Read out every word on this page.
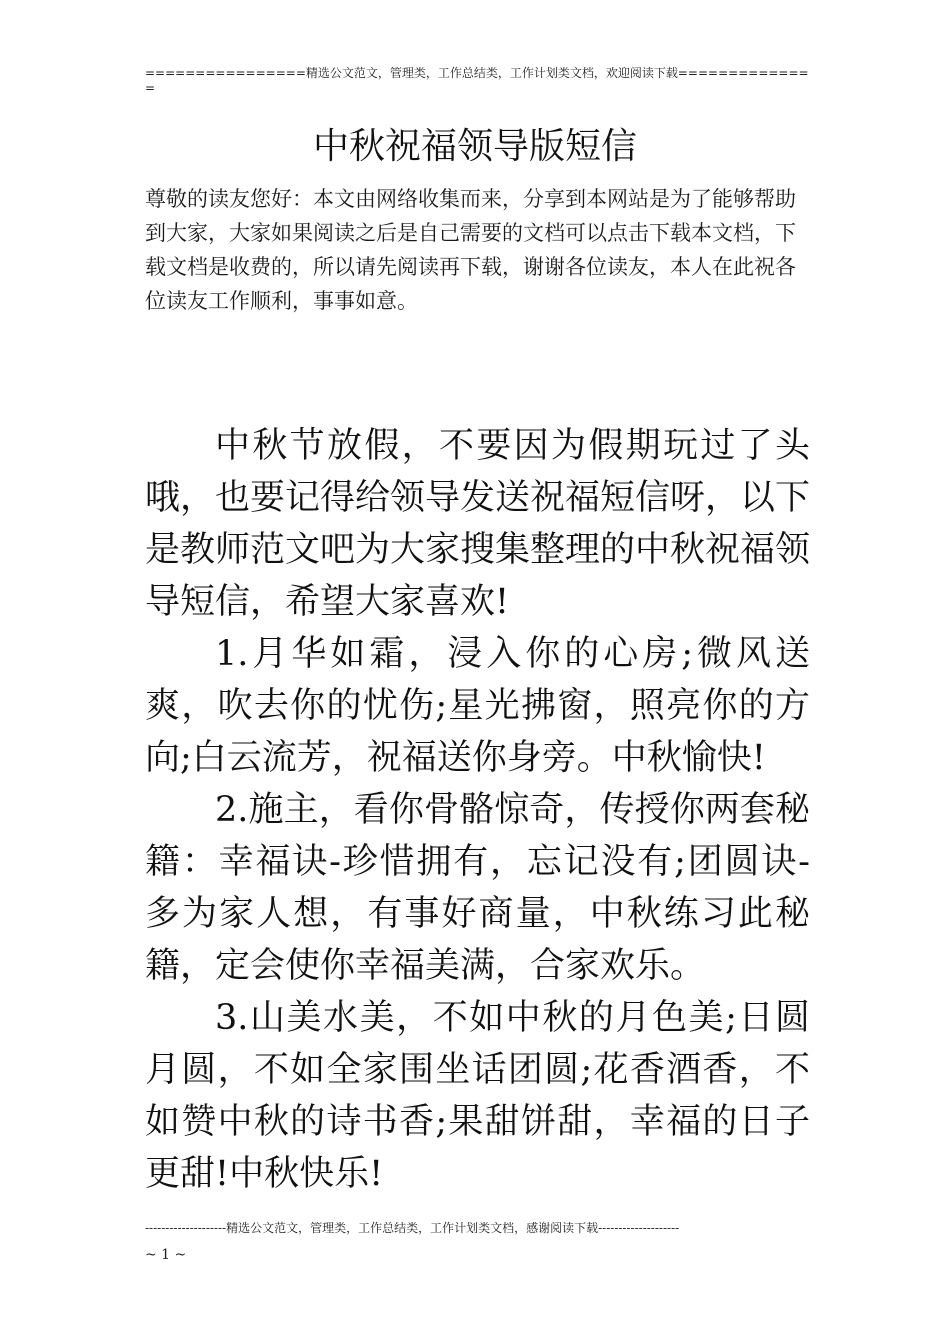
================精选公文范文，管理类，工作总结类，工作计划类文档，欢迎阅读下载==============
中秋祝福领导版短信

尊敬的读友您好：本文由网络收集而来，分享到本网站是为了能够帮助到大家，大家如果阅读之后是自己需要的文档可以点击下载本文档，下载文档是收费的，所以请先阅读再下载，谢谢各位读友，本人在此祝各位读友工作顺利，事事如意。

中秋节放假，不要因为假期玩过了头哦，也要记得给领导发送祝福短信呀，以下是教师范文吧为大家搜集整理的中秋祝福领导短信，希望大家喜欢!

1.月华如霜，浸入你的心房;微风送爽，吹去你的忧伤;星光拂窗，照亮你的方向;白云流芳，祝福送你身旁。中秋愉快!

2.施主，看你骨骼惊奇，传授你两套秘籍：幸福诀-珍惜拥有，忘记没有;团圆诀-多为家人想，有事好商量，中秋练习此秘籍，定会使你幸福美满，合家欢乐。

3.山美水美，不如中秋的月色美;日圆月圆，不如全家围坐话团圆;花香酒香，不如赞中秋的诗书香;果甜饼甜，幸福的日子更甜!中秋快乐!

--------------------精选公文范文，管理类，工作总结类，工作计划类文档，感谢阅读下载--------------------
~ 1 ~
